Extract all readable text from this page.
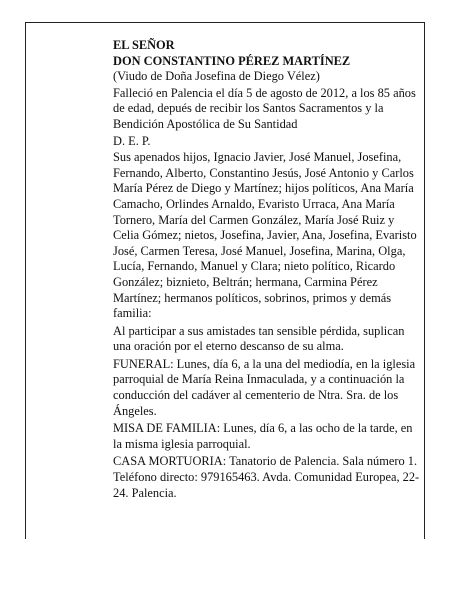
EL SEÑOR

DON CONSTANTINO PÉREZ MARTÍNEZ

(Viudo de Doña Josefina de Diego Vélez)

Falleció en Palencia el día 5 de agosto de 2012, a los 85 años de edad, depués de recibir los Santos Sacramentos y la Bendición Apostólica de Su Santidad

D. E. P.

Sus apenados hijos, Ignacio Javier, José Manuel, Josefina, Fernando, Alberto, Constantino Jesús, José Antonio y Carlos María Pérez de Diego y Martínez; hijos políticos, Ana María Camacho, Orlindes Arnaldo, Evaristo Urraca, Ana María Tornero, María del Carmen González, María José Ruiz y Celia Gómez; nietos, Josefina, Javier, Ana, Josefina, Evaristo José, Carmen Teresa, José Manuel, Josefina, Marina, Olga, Lucía, Fernando, Manuel y Clara; nieto político, Ricardo González; biznieto, Beltrán; hermana, Carmina Pérez Martínez; hermanos políticos, sobrinos, primos y demás familia:

Al participar a sus amistades tan sensible pérdida, suplican una oración por el eterno descanso de su alma.

FUNERAL: Lunes, día 6, a la una del mediodía, en la iglesia parroquial de María Reina Inmaculada, y a continuación la conducción del cadáver al cementerio de Ntra. Sra. de los Ángeles.

MISA DE FAMILIA: Lunes, día 6, a las ocho de la tarde, en la misma iglesia parroquial.

CASA MORTUORIA: Tanatorio de Palencia. Sala número 1. Teléfono directo: 979165463. Avda. Comunidad Europea, 22-24. Palencia.
